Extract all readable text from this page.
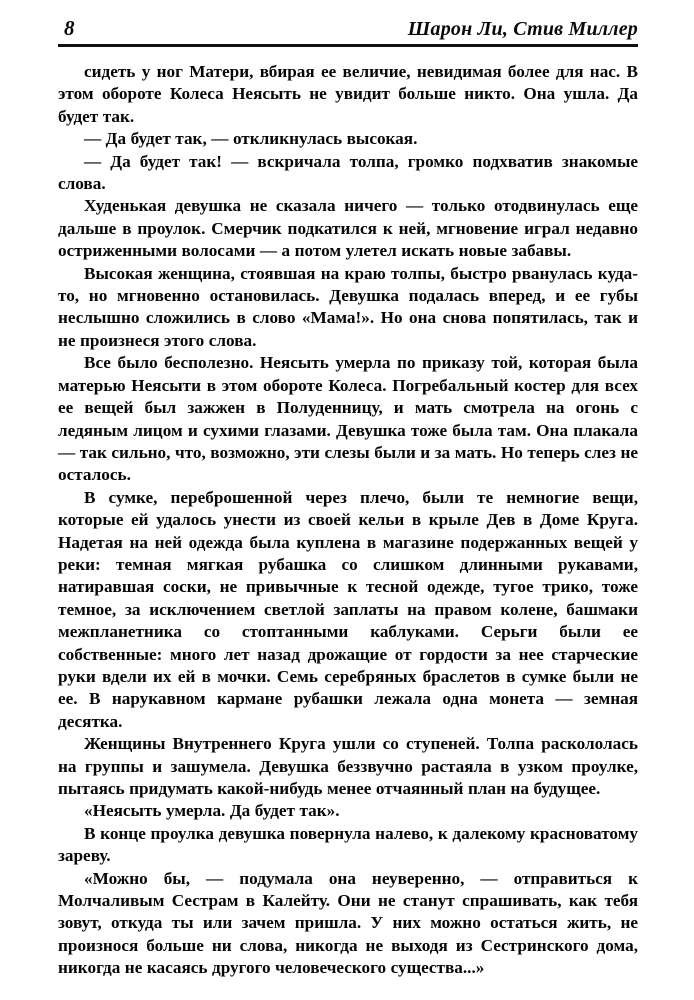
8	Шарон Ли, Стив Миллер

сидеть у ног Матери, вбирая ее величие, невидимая более для нас. В этом обороте Колеса Неясыть не увидит больше никто. Она ушла. Да будет так.

— Да будет так, — откликнулась высокая.

— Да будет так! — вскричала толпа, громко подхватив знакомые слова.

Худенькая девушка не сказала ничего — только отодвинулась еще дальше в проулок. Смерчик подкатился к ней, мгновение играл недавно остриженными волосами — а потом улетел искать новые забавы.

Высокая женщина, стоявшая на краю толпы, быстро рванулась куда-то, но мгновенно остановилась. Девушка подалась вперед, и ее губы неслышно сложились в слово «Мама!». Но она снова попятилась, так и не произнеся этого слова.

Все было бесполезно. Неясыть умерла по приказу той, которая была матерью Неясыти в этом обороте Колеса. Погребальный костер для всех ее вещей был зажжен в Полуденницу, и мать смотрела на огонь с ледяным лицом и сухими глазами. Девушка тоже была там. Она плакала — так сильно, что, возможно, эти слезы были и за мать. Но теперь слез не осталось.

В сумке, переброшенной через плечо, были те немногие вещи, которые ей удалось унести из своей кельи в крыле Дев в Доме Круга. Надетая на ней одежда была куплена в магазине подержанных вещей у реки: темная мягкая рубашка со слишком длинными рукавами, натиравшая соски, не привычные к тесной одежде, тугое трико, тоже темное, за исключением светлой заплаты на правом колене, башмаки межпланетника со стоптанными каблуками. Серьги были ее собственные: много лет назад дрожащие от гордости за нее старческие руки вдели их ей в мочки. Семь серебряных браслетов в сумке были не ее. В нарукавном кармане рубашки лежала одна монета — земная десятка.

Женщины Внутреннего Круга ушли со ступеней. Толпа раскололась на группы и зашумела. Девушка беззвучно растаяла в узком проулке, пытаясь придумать какой-нибудь менее отчаянный план на будущее.

«Неясыть умерла. Да будет так».

В конце проулка девушка повернула налево, к далекому красноватому зареву.

«Можно бы, — подумала она неуверенно, — отправиться к Молчаливым Сестрам в Калейту. Они не станут спрашивать, как тебя зовут, откуда ты или зачем пришла. У них можно остаться жить, не произнося больше ни слова, никогда не выходя из Сестринского дома, никогда не касаясь другого человеческого существа...»
